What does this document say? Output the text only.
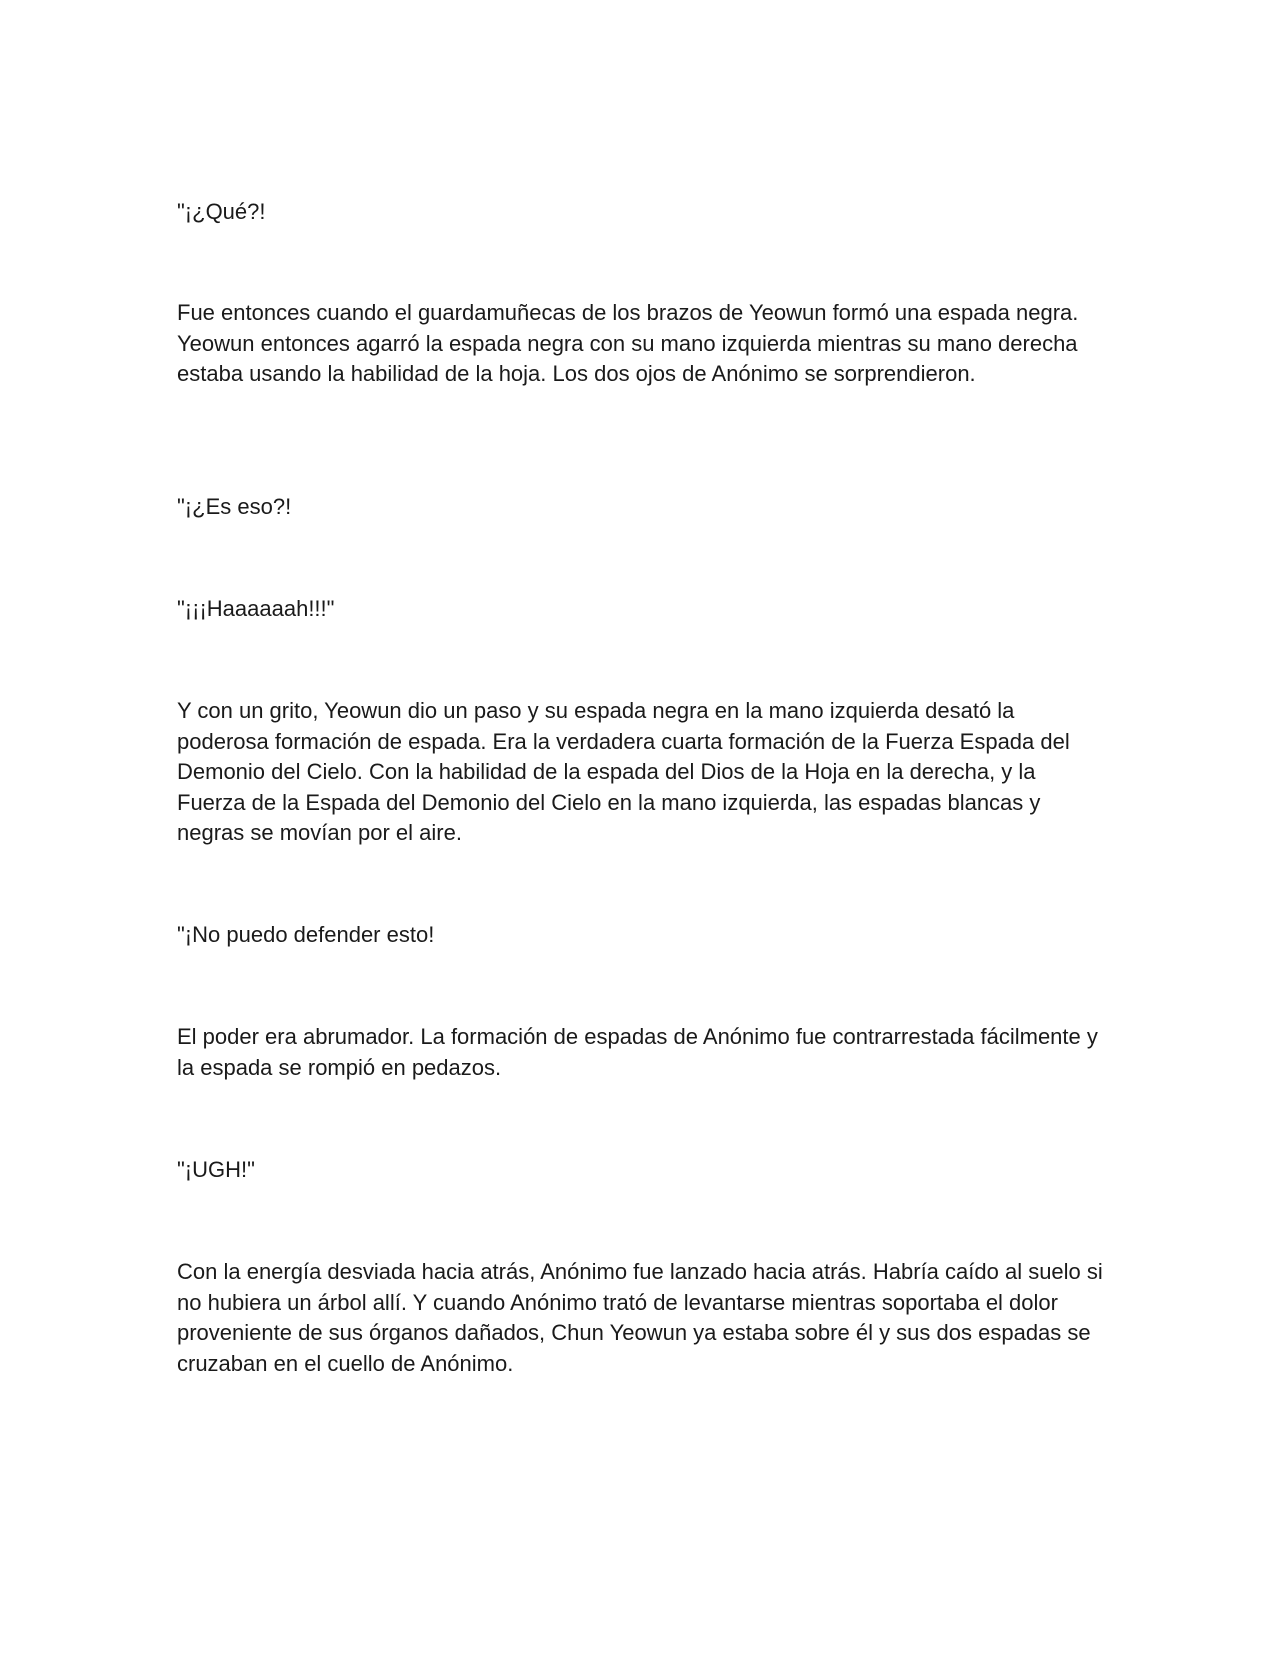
"¡¿Qué?!

Fue entonces cuando el guardamuñecas de los brazos de Yeowun formó una espada negra. Yeowun entonces agarró la espada negra con su mano izquierda mientras su mano derecha estaba usando la habilidad de la hoja. Los dos ojos de Anónimo se sorprendieron.

"¡¿Es eso?!

"¡¡¡Haaaaaah!!!"

Y con un grito, Yeowun dio un paso y su espada negra en la mano izquierda desató la poderosa formación de espada. Era la verdadera cuarta formación de la Fuerza Espada del Demonio del Cielo. Con la habilidad de la espada del Dios de la Hoja en la derecha, y la Fuerza de la Espada del Demonio del Cielo en la mano izquierda, las espadas blancas y negras se movían por el aire.

"¡No puedo defender esto!

El poder era abrumador. La formación de espadas de Anónimo fue contrarrestada fácilmente y la espada se rompió en pedazos.

"¡UGH!"

Con la energía desviada hacia atrás, Anónimo fue lanzado hacia atrás. Habría caído al suelo si no hubiera un árbol allí. Y cuando Anónimo trató de levantarse mientras soportaba el dolor proveniente de sus órganos dañados, Chun Yeowun ya estaba sobre él y sus dos espadas se cruzaban en el cuello de Anónimo.
